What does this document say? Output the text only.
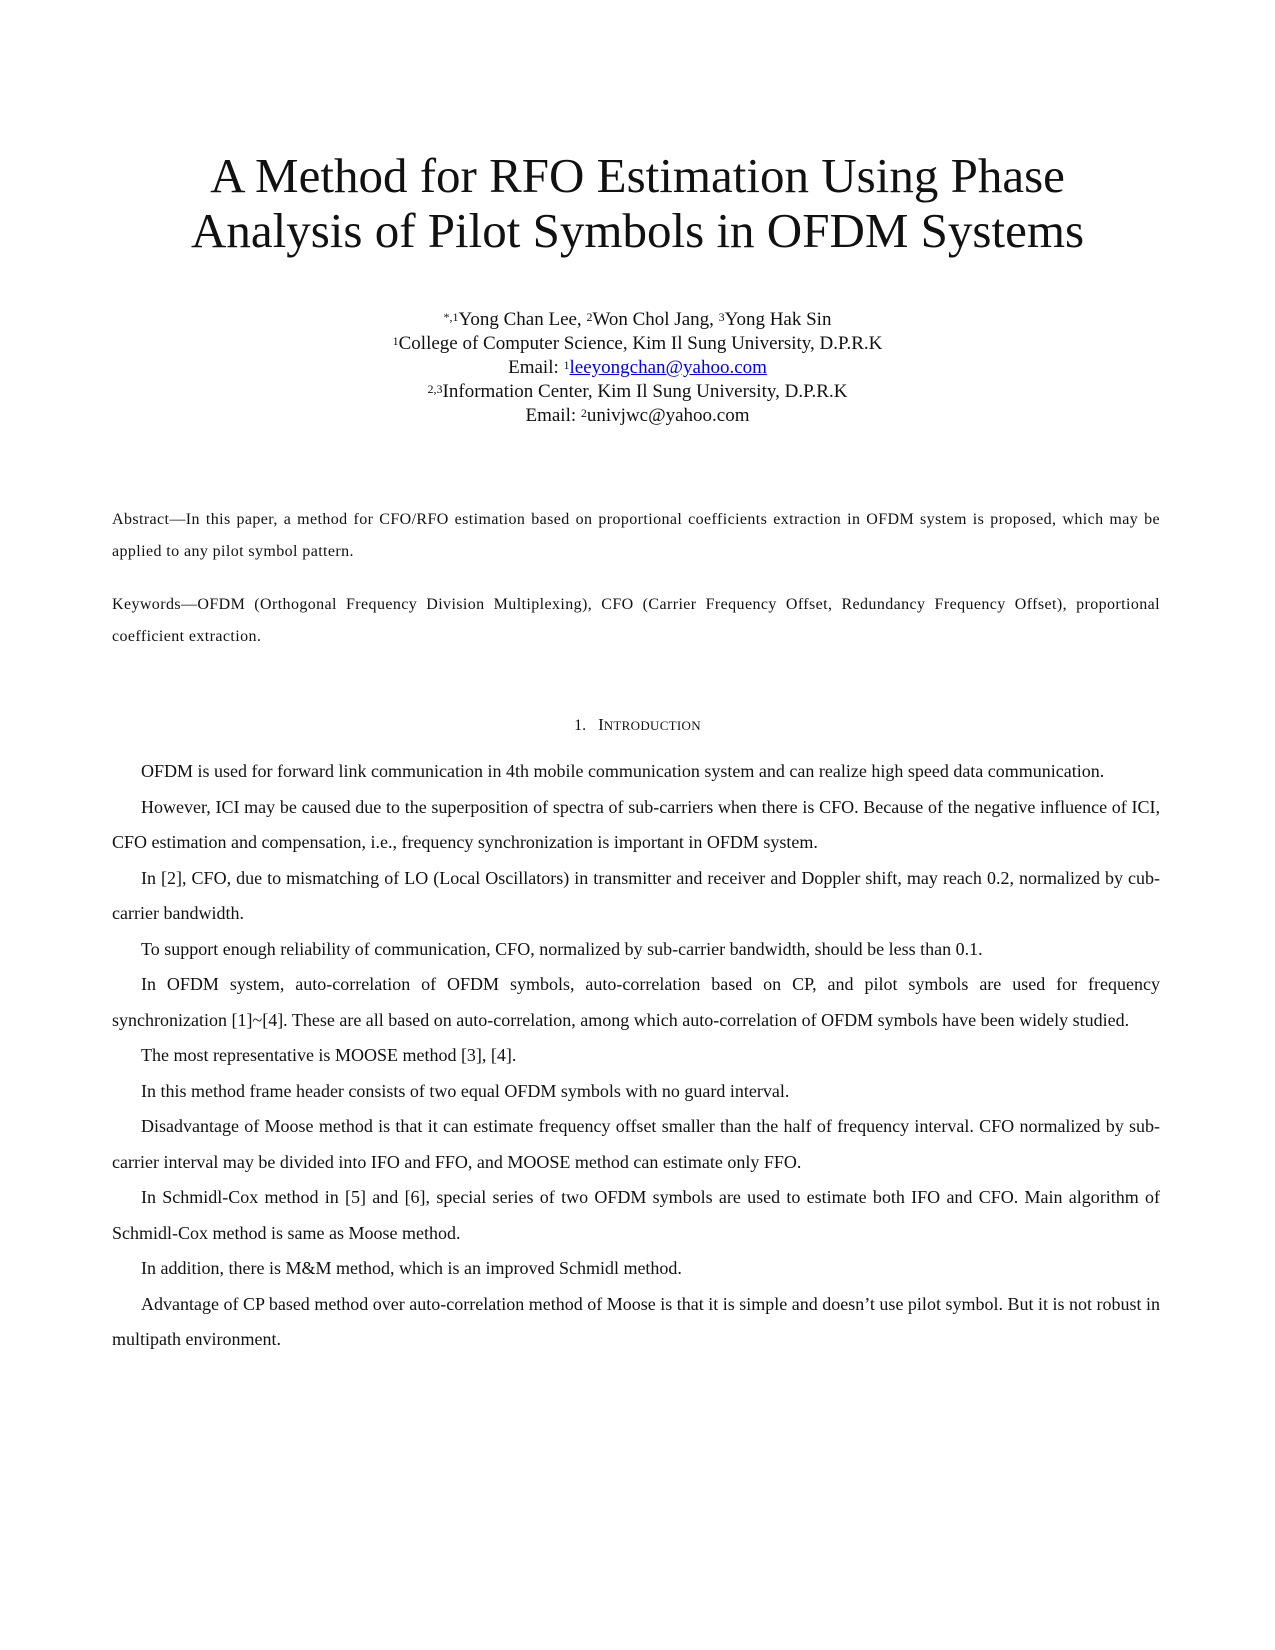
A Method for RFO Estimation Using Phase
Analysis of Pilot Symbols in OFDM Systems
$^{*,1}$Yong Chan Lee, $^2$Won Chol Jang, $^3$Yong Hak Sin
$^1$College of Computer Science, Kim Il Sung University, D.P.R.K
Email: $^1$leeyongchan@yahoo.com
$^{2,3}$Information Center, Kim Il Sung University, D.P.R.K
Email: $^2$univjwc@yahoo.com
Abstract—In this paper, a method for CFO/RFO estimation based on proportional coefficients extraction in OFDM system is proposed, which may be applied to any pilot symbol pattern.
Keywords—OFDM (Orthogonal Frequency Division Multiplexing), CFO (Carrier Frequency Offset, Redundancy Frequency Offset), proportional coefficient extraction.
1. INTRODUCTION

OFDM is used for forward link communication in 4th mobile communication system and can realize high speed data communication.

However, ICI may be caused due to the superposition of spectra of sub-carriers when there is CFO. Because of the negative influence of ICI, CFO estimation and compensation, i.e., frequency synchronization is important in OFDM system.

In [2], CFO, due to mismatching of LO (Local Oscillators) in transmitter and receiver and Doppler shift, may reach 0.2, normalized by cub-carrier bandwidth.

To support enough reliability of communication, CFO, normalized by sub-carrier bandwidth, should be less than 0.1.

In OFDM system, auto-correlation of OFDM symbols, auto-correlation based on CP, and pilot symbols are used for frequency synchronization [1]~[4]. These are all based on auto-correlation, among which auto-correlation of OFDM symbols have been widely studied.

The most representative is MOOSE method [3], [4].

In this method frame header consists of two equal OFDM symbols with no guard interval.

Disadvantage of Moose method is that it can estimate frequency offset smaller than the half of frequency interval. CFO normalized by sub-carrier interval may be divided into IFO and FFO, and MOOSE method can estimate only FFO.

In Schmidl-Cox method in [5] and [6], special series of two OFDM symbols are used to estimate both IFO and CFO. Main algorithm of Schmidl-Cox method is same as Moose method.

In addition, there is M&M method, which is an improved Schmidl method.

Advantage of CP based method over auto-correlation method of Moose is that it is simple and doesn’t use pilot symbol. But it is not robust in multipath environment.
